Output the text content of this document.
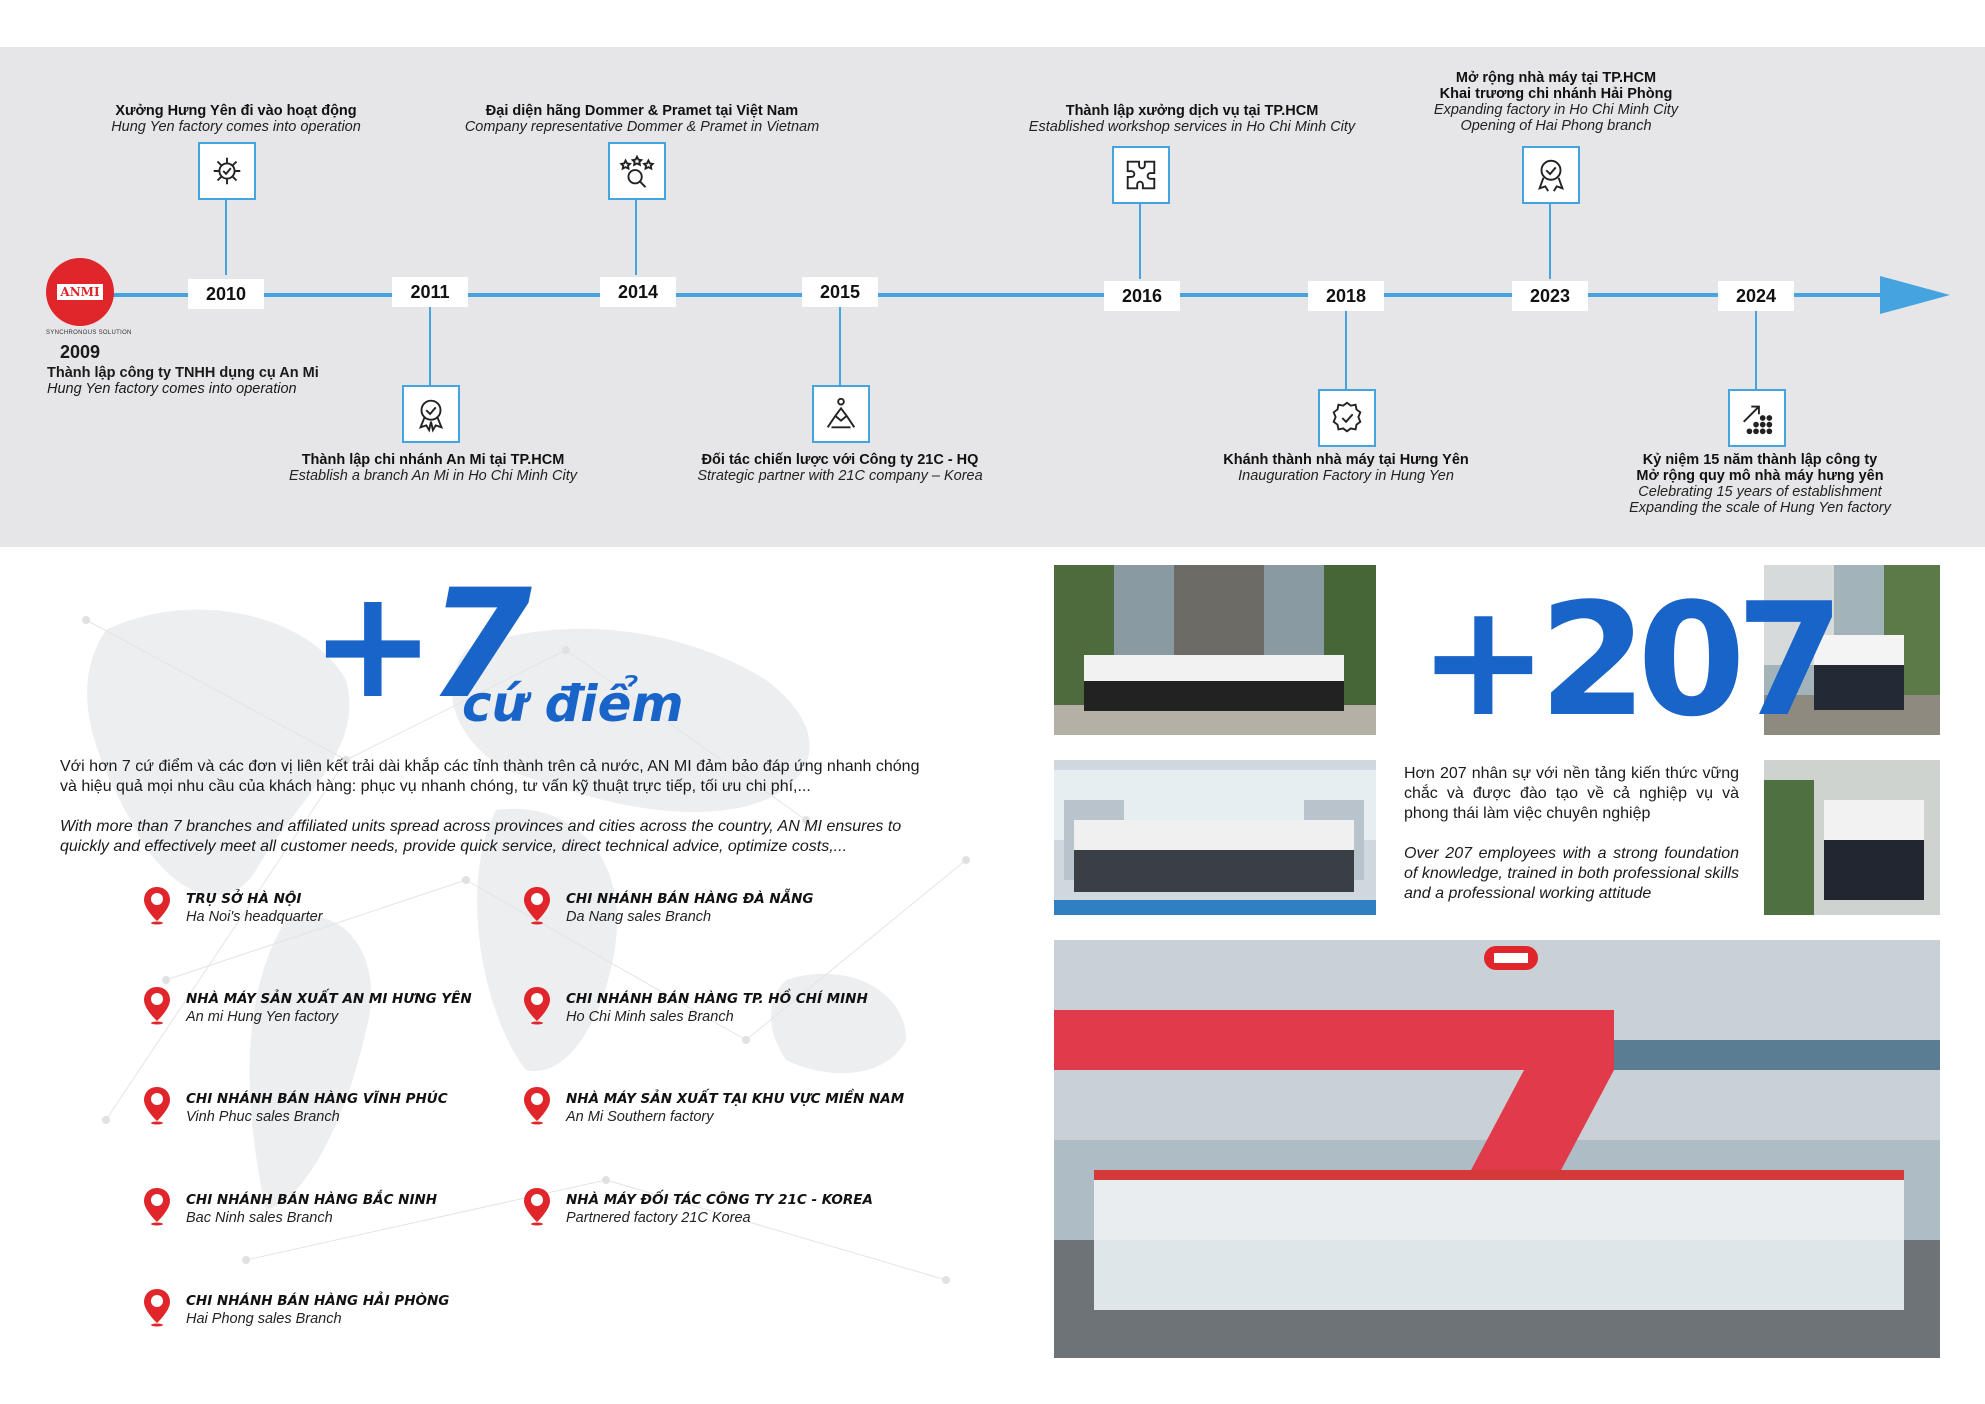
ANMI
SYNCHRONOUS SOLUTION
2009
Thành lập công ty TNHH dụng cụ An Mi
Hung Yen factory comes into operation
Xưởng Hưng Yên đi vào hoạt động
Hung Yen factory comes into operation
2010	2011
Thành lập chi nhánh An Mi tại TP.HCM
Establish a branch An Mi in Ho Chi Minh City
Đại diện hãng Dommer & Pramet tại Việt Nam
Company representative Dommer & Pramet in Vietnam
2014	2015
Đối tác chiến lược với Công ty 21C - HQ
Strategic partner with 21C company – Korea
Thành lập xưởng dịch vụ tại TP.HCM
Established workshop services in Ho Chi Minh City
2016	2018
Khánh thành nhà máy tại Hưng Yên
Inauguration Factory in Hung Yen
Mở rộng nhà máy tại TP.HCM
Khai trương chi nhánh Hải Phòng
Expanding factory in Ho Chi Minh City
Opening of Hai Phong branch
2023	2024
Kỷ niệm 15 năm thành lập công ty
Mở rộng quy mô nhà máy hưng yên
Celebrating 15 years of establishment
Expanding the scale of Hung Yen factory
+7
cứ điểm
Với hơn 7 cứ điểm và các đơn vị liên kết trải dài khắp các tỉnh thành trên cả nước, AN MI đảm bảo đáp ứng nhanh chóng và hiệu quả mọi nhu cầu của khách hàng: phục vụ nhanh chóng, tư vấn kỹ thuật trực tiếp, tối ưu chi phí,...
With more than 7 branches and affiliated units spread across provinces and cities across the country, AN MI ensures to quickly and effectively meet all customer needs, provide quick service, direct technical advice, optimize costs,...
TRỤ SỞ HÀ NỘI
Ha Noi's headquarter
CHI NHÁNH BÁN HÀNG ĐÀ NẴNG
Da Nang sales Branch
NHÀ MÁY SẢN XUẤT AN MI HƯNG YÊN
An mi Hung Yen factory
CHI NHÁNH BÁN HÀNG TP. HỒ CHÍ MINH
Ho Chi Minh sales Branch
CHI NHÁNH BÁN HÀNG VĨNH PHÚC
Vinh Phuc sales Branch
NHÀ MÁY SẢN XUẤT TẠI KHU VỰC MIỀN NAM
An Mi Southern factory
CHI NHÁNH BÁN HÀNG BẮC NINH
Bac Ninh sales Branch
NHÀ MÁY ĐỐI TÁC CÔNG TY 21C - KOREA
Partnered factory 21C Korea
CHI NHÁNH BÁN HÀNG HẢI PHÒNG
Hai Phong sales Branch
+207
Hơn 207 nhân sự với nền tảng kiến thức vững chắc và được đào tạo về cả nghiệp vụ và phong thái làm việc chuyên nghiệp
Over 207 employees with a strong foundation of knowledge, trained in both professional skills and a professional working attitude
